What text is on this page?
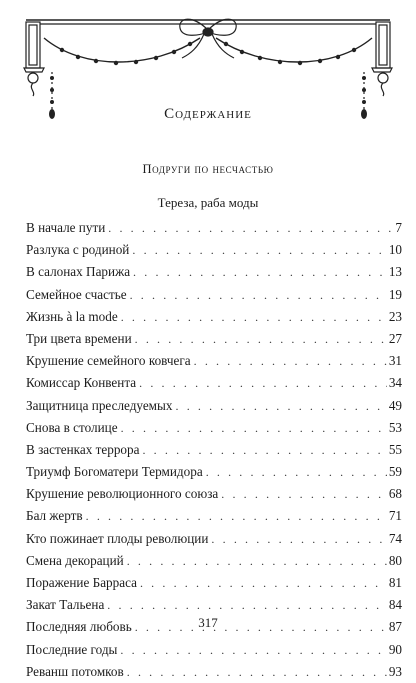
Содержание
Подруги по несчастью
Тереза, раба моды
В начале пути . . .	7
Разлука с родиной . . .	10
В салонах Парижа . . .	13
Семейное счастье . . .	19
Жизнь à la mode . . .	23
Три цвета времени . . .	27
Крушение семейного ковчега . . .	31
Комиссар Конвента . . .	34
Защитница преследуемых . . .	49
Снова в столице . . .	53
В застенках террора . . .	55
Триумф Богоматери Термидора . . .	59
Крушение революционного союза . . .	68
Бал жертв . . .	71
Кто пожинает плоды революции . . .	74
Смена декораций . . .	80
Поражение Барраса . . .	81
Закат Тальена . . .	84
Последняя любовь . . .	87
Последние годы . . .	90
Реванш потомков . . .	93
317
